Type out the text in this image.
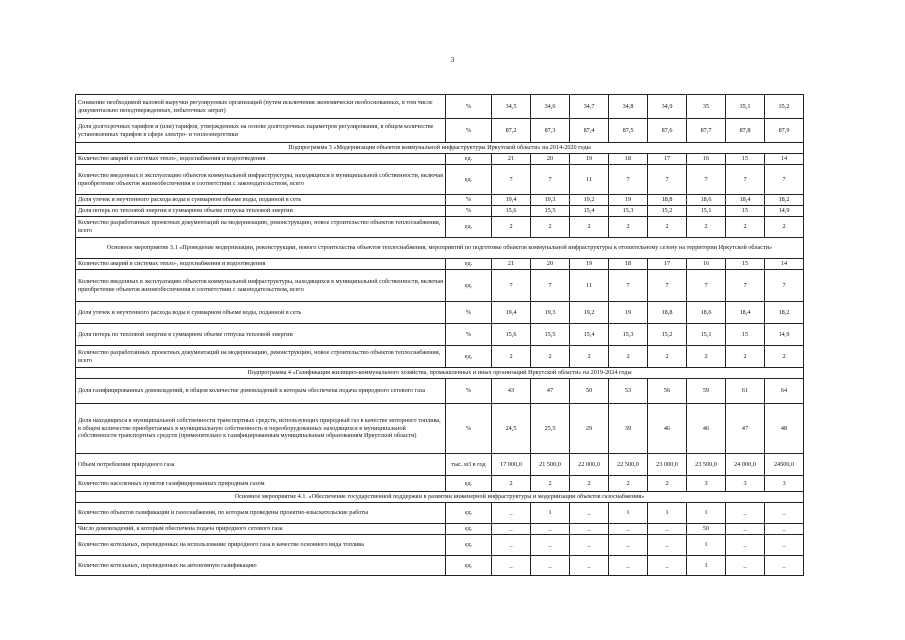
3
Снижение необходимой валовой выручки регулируемых организаций (путем исключения экономически необоснованных, в том числе документально неподтвержденных, избыточных затрат)	%	34,5	34,6	34,7	34,8	34,9	35	35,1	35,2
Доля долгосрочных тарифов и (или) тарифов, утвержденных на основе долгосрочных параметров регулирования, в общем количестве установленных тарифов в сфере электро- и теплоэнергетики	%	87,2	87,3	87,4	87,5	87,6	87,7	87,8	87,9
Подпрограмма 3 «Модернизация объектов коммунальной инфраструктуры Иркутской области» на 2014-2020 годы									
Количество аварий в системах тепло-, водоснабжения и водоотведения	ед.	21	20	19	18	17	16	15	14
Количество введенных в эксплуатацию объектов коммунальной инфраструктуры, находящихся в муниципальной собственности, включая приобретение объектов жизнеобеспечения в соответствии с законодательством, всего	ед.	7	7	11	7	7	7	7	7
Доля утечек и неучтенного расхода воды в суммарном объеме воды, поданной в сеть	%	19,4	19,3	19,2	19	18,8	18,6	18,4	18,2
Доля потерь по тепловой энергии в суммарном объеме отпуска тепловой энергии	%	15,6	15,5	15,4	15,3	15,2	15,1	15	14,9
Количество разработанных проектных документаций на модернизацию, реконструкцию, новое строительство объектов теплоснабжения, всего	ед.	2	2	2	2	2	2	2	2
Основное мероприятие 3.1 «Проведение модернизации, реконструкции, нового строительства объектов теплоснабжения, мероприятий по подготовке объектов коммунальной инфраструктуры к отопительному сезону на территории Иркутской области»									
Количество аварий в системах тепло-, водоснабжения и водоотведения	ед.	21	20	19	18	17	16	15	14
Количество введенных в эксплуатацию объектов коммунальной инфраструктуры, находящихся в муниципальной собственности, включая приобретение объектов жизнеобеспечения в соответствии с законодательством, всего	ед.	7	7	11	7	7	7	7	7
Доля утечек и неучтенного расхода воды в суммарном объеме воды, поданной в сеть	%	19,4	19,3	19,2	19	18,8	18,6	18,4	18,2
Доля потерь по тепловой энергии в суммарном объеме отпуска тепловой энергии	%	15,6	15,5	15,4	15,3	15,2	15,1	15	14,9
Количество разработанных проектных документаций на модернизацию, реконструкцию, новое строительство объектов теплоснабжения, всего	ед.	2	2	2	2	2	2	2	2
Подпрограмма 4 «Газификация жилищно-коммунального хозяйства, промышленных и иных организаций Иркутской области» на 2019-2024 годы									
Доля газифицированных домовладений, в общем количестве домовладений к которым обеспечена подача природного сетевого газа	%	43	47	50	53	56	59	61	64
Доля находящихся в муниципальной собственности транспортных средств, использующих природный газ в качестве моторного топлива, в общем количестве приобретаемых в муниципальную собственность и переоборудованных находящихся в муниципальной собственности транспортных средств (применительно к газифицированным муниципальным образованиям Иркутской области)	%	24,5	25,5	29	39	46	46	47	48
Объем потребления природного газа	тыс. м3 в год	17 000,0	21 500,0	22 000,0	22 500,0	23 000,0	23 500,0	24 000,0	24500,0
Количество населенных пунктов газифицированных природным газом	ед.	2	2	2	2	2	3	3	3
Основное мероприятие 4.1. «Обеспечение государственной поддержки в развитии инженерной инфраструктуры и модернизации объектов газоснабжения»									
Количество объектов газификации и газоснабжения, по которым проведены проектно-изыскательские работы	ед.	_	1	_	1	1	1	_	_
Число домовладений, к которым обеспечена подача природного сетевого газа	ед.	_	_	_	_	_	50	_	_
Количество котельных, переведенных на использование природного газа в качестве основного вида топлива	ед.	_	_	_	_	_	1	_	_
Количество котельных, переведенных на автономную газификацию	ед.	_	_	_	_	_	1	_	_
